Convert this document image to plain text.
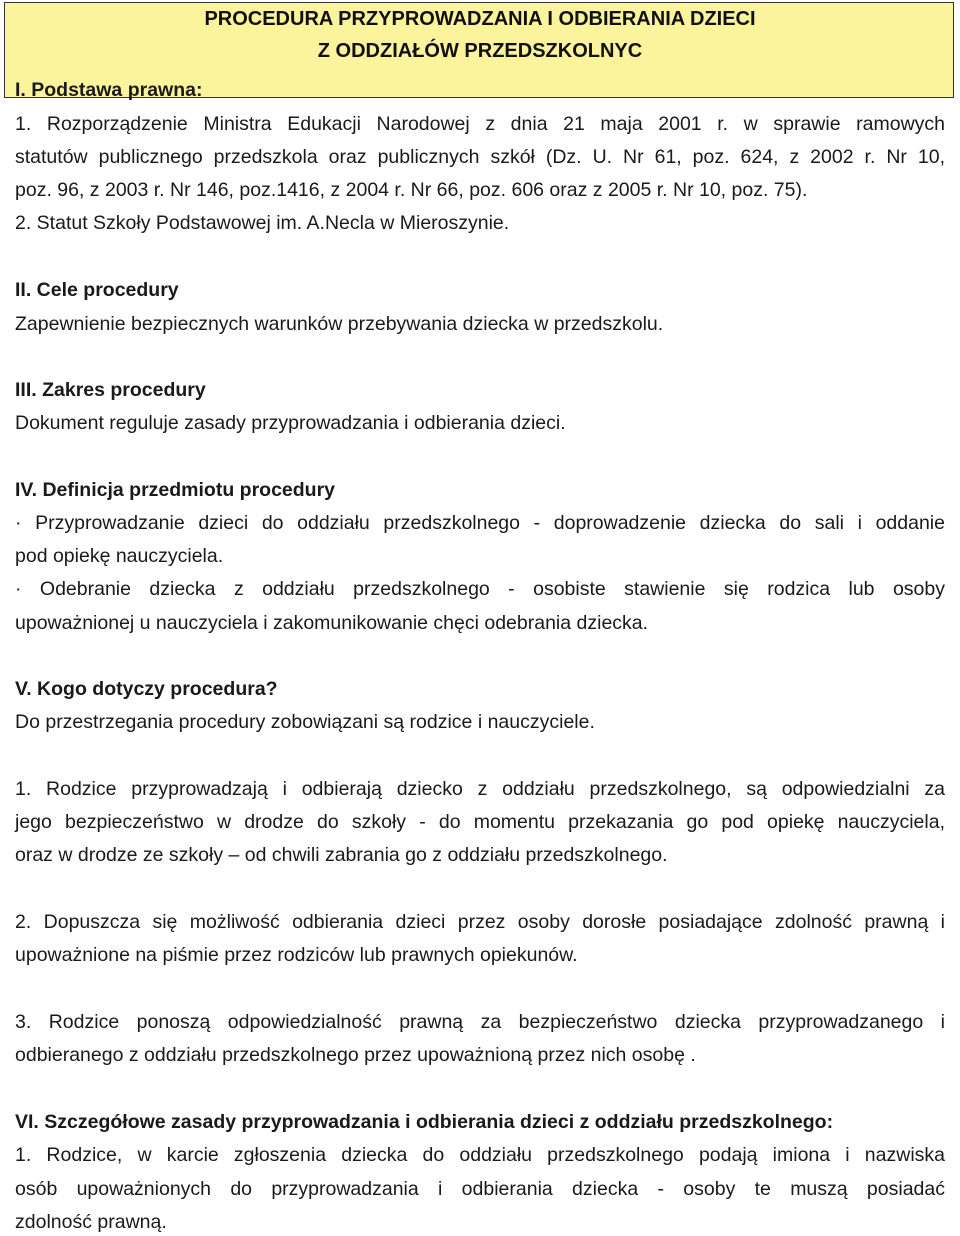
PROCEDURA PRZYPROWADZANIA I ODBIERANIA DZIECI
Z ODDZIAŁÓW PRZEDSZKOLNYC
I. Podstawa prawna:
1. Rozporządzenie Ministra Edukacji Narodowej z dnia 21 maja 2001 r. w sprawie ramowych
statutów publicznego przedszkola oraz publicznych szkół (Dz. U. Nr 61, poz. 624, z 2002 r. Nr 10,
poz. 96, z 2003 r. Nr 146, poz.1416, z 2004 r. Nr 66, poz. 606 oraz z 2005 r. Nr 10, poz. 75).
2. Statut Szkoły Podstawowej im. A.Necla w Mieroszynie.
II. Cele procedury
Zapewnienie bezpiecznych warunków przebywania dziecka w przedszkolu.
III. Zakres procedury
Dokument reguluje zasady przyprowadzania i odbierania dzieci.
IV. Definicja przedmiotu procedury
· Przyprowadzanie dzieci do oddziału przedszkolnego - doprowadzenie dziecka do sali i oddanie
pod opiekę nauczyciela.
· Odebranie dziecka z oddziału przedszkolnego - osobiste stawienie się rodzica lub osoby
upoważnionej u nauczyciela i zakomunikowanie chęci odebrania dziecka.
V. Kogo dotyczy procedura?
Do przestrzegania procedury zobowiązani są rodzice i nauczyciele.
1. Rodzice przyprowadzają i odbierają dziecko z oddziału przedszkolnego, są odpowiedzialni za
jego bezpieczeństwo w drodze do szkoły - do momentu przekazania go pod opiekę nauczyciela,
oraz w drodze ze szkoły – od chwili zabrania go z oddziału przedszkolnego.
2. Dopuszcza się możliwość odbierania dzieci przez osoby dorosłe posiadające zdolność prawną i
upoważnione na piśmie przez rodziców lub prawnych opiekunów.
3. Rodzice ponoszą odpowiedzialność prawną za bezpieczeństwo dziecka przyprowadzanego i
odbieranego z oddziału przedszkolnego przez upoważnioną przez nich osobę .
VI. Szczegółowe zasady przyprowadzania i odbierania dzieci z oddziału przedszkolnego:
1. Rodzice, w karcie zgłoszenia dziecka do oddziału przedszkolnego podają imiona i nazwiska
osób upoważnionych do przyprowadzania i odbierania dziecka - osoby te muszą posiadać
zdolność prawną.
